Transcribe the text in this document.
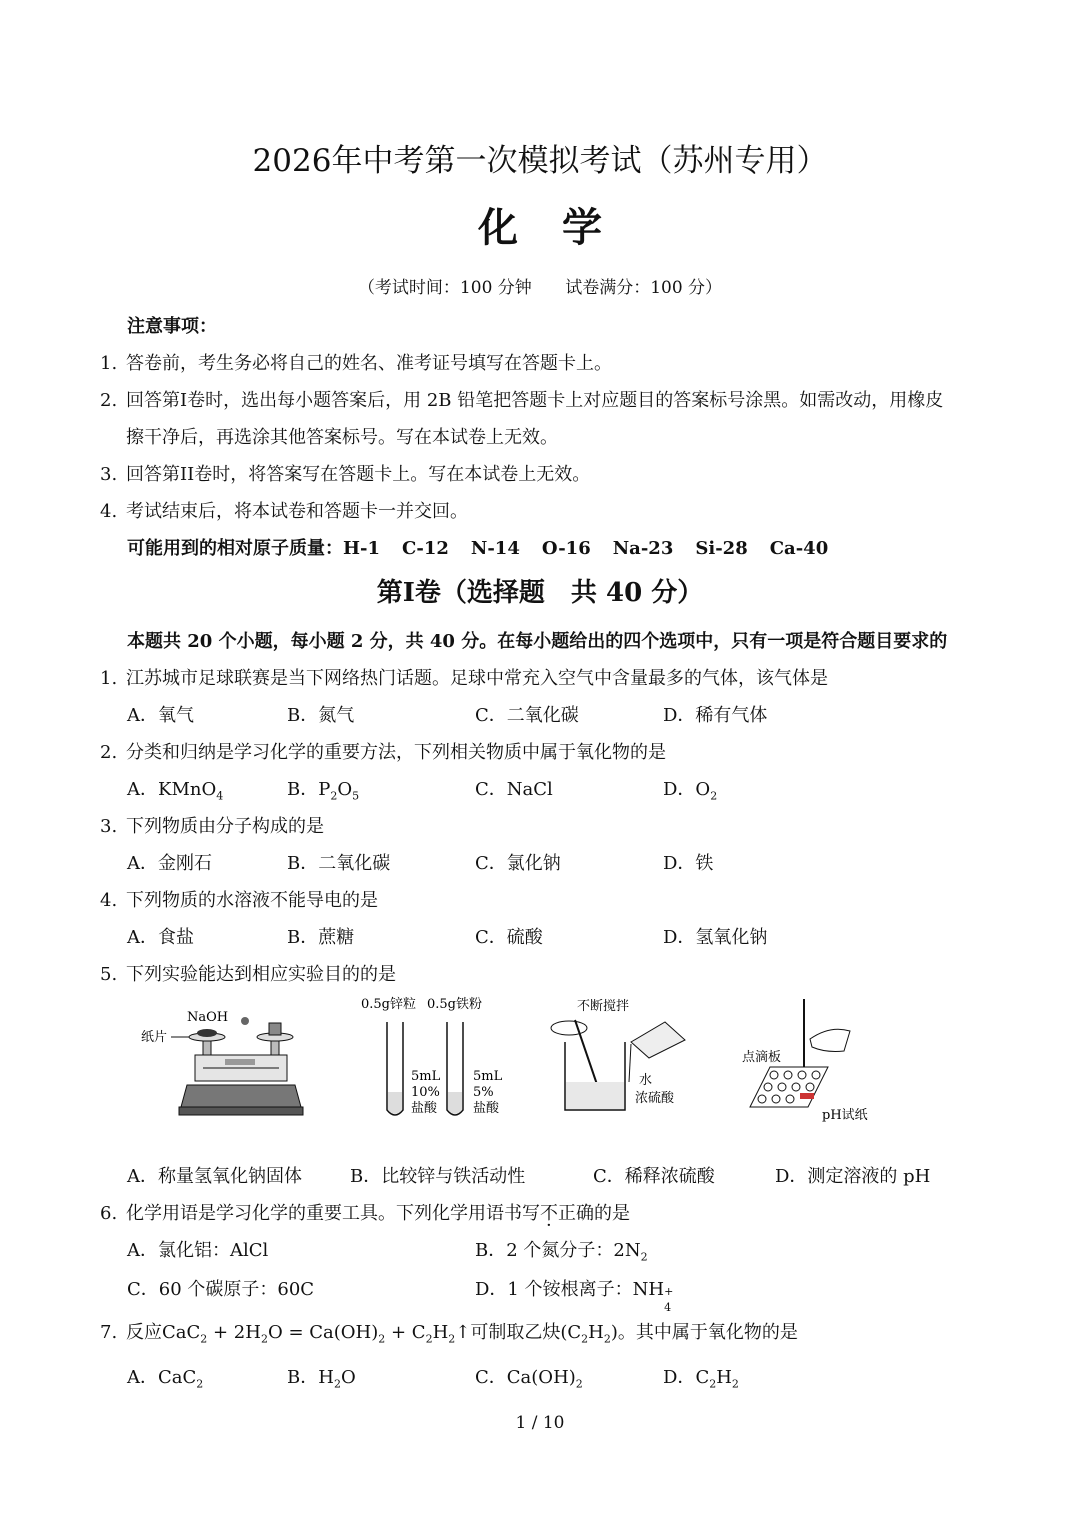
2026年中考第一次模拟考试（苏州专用）
化学
（考试时间：100 分钟 试卷满分：100 分）
注意事项：
1. 答卷前，考生务必将自己的姓名、准考证号填写在答题卡上。
2. 回答第I卷时，选出每小题答案后，用 2B 铅笔把答题卡上对应题目的答案标号涂黑。如需改动，用橡皮
擦干净后，再选涂其他答案标号。写在本试卷上无效。
3. 回答第II卷时，将答案写在答题卡上。写在本试卷上无效。
4. 考试结束后，将本试卷和答题卡一并交回。
可能用到的相对原子质量：H-1 C-12 N-14 O-16 Na-23 Si-28 Ca-40
第I卷（选择题　共 40 分）
本题共 20 个小题，每小题 2 分，共 40 分。在每小题给出的四个选项中，只有一项是符合题目要求的
1. 江苏城市足球联赛是当下网络热门话题。足球中常充入空气中含量最多的气体，该气体是
A．氧气	B．氮气	C．二氧化碳	D．稀有气体
2. 分类和归纳是学习化学的重要方法，下列相关物质中属于氧化物的是
A．KMnO$_4$	B．$P_2O_5$	C．NaCl	D．$O_2$
3. 下列物质由分子构成的是
A．金刚石	B．二氧化碳	C．氯化钠	D．铁
4. 下列物质的水溶液不能导电的是
A．食盐	B．蔗糖	C．硫酸	D．氢氧化钠
5. 下列实验能达到相应实验目的的是
NaOH
纸片
0.5g锌粒 0.5g铁粉
5mL
10%
盐酸
5mL
5%
盐酸
不断搅拌
水
浓硫酸
点滴板
pH试纸
A．称量氢氧化钠固体	B．比较锌与铁活动性	C．稀释浓硫酸	D．测定溶液的 pH
6. 化学用语是学习化学的重要工具。下列化学用语书写不正确的是
A．氯化铝：AlCl	B．2 个氮分子：$2N_2$
C．60 个碳原子：60C	D．1 个铵根离子：NH +
4
7. 反应$CaC_2 + 2H_2O = Ca(OH)_2$ + $C_2H_2↑$可制取乙炔$(C_2H_2)$。其中属于氧化物的是
A．CaC$_2$	B．$H_2O$	C．$Ca(OH)_2$	D．$C_2H_2$
1 / 10
